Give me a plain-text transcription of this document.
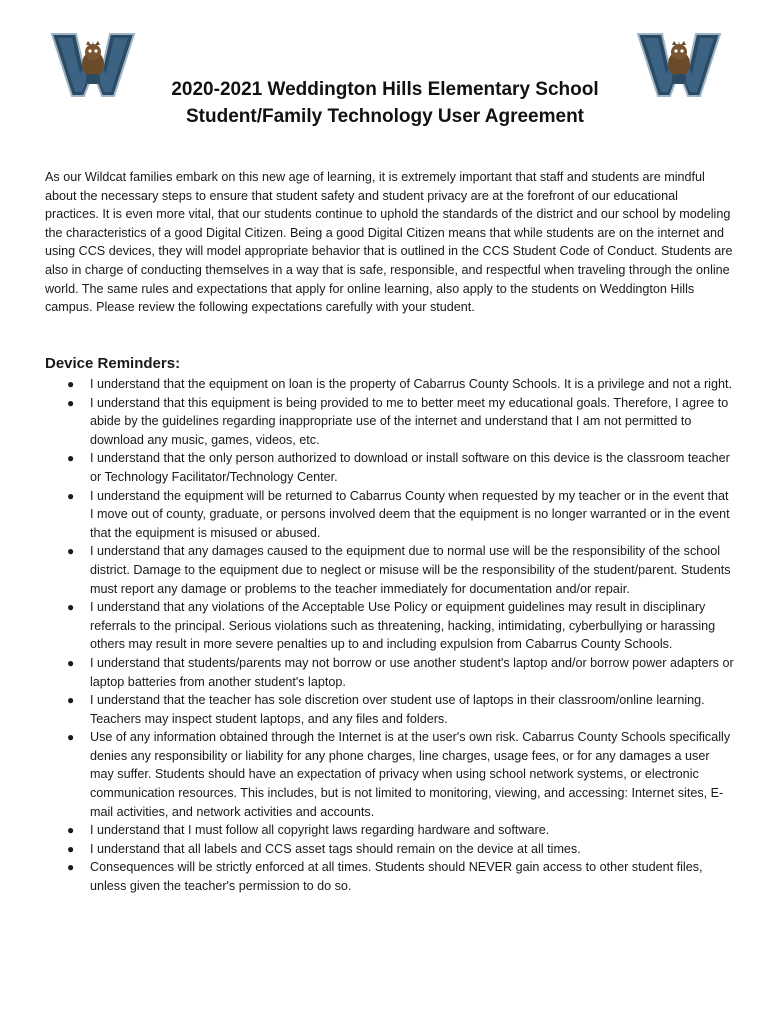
2020-2021 Weddington Hills Elementary School
Student/Family Technology User Agreement

As our Wildcat families embark on this new age of learning, it is extremely important that staff and students are mindful about the necessary steps to ensure that student safety and student privacy are at the forefront of our educational practices. It is even more vital, that our students continue to uphold the standards of the district and our school by modeling the characteristics of a good Digital Citizen. Being a good Digital Citizen means that while students are on the internet and using CCS devices, they will model appropriate behavior that is outlined in the CCS Student Code of Conduct. Students are also in charge of conducting themselves in a way that is safe, responsible, and respectful when traveling through the online world. The same rules and expectations that apply for online learning, also apply to the students on Weddington Hills campus. Please review the following expectations carefully with your student.

Device Reminders:
● I understand that the equipment on loan is the property of Cabarrus County Schools. It is a privilege and not a right.
● I understand that this equipment is being provided to me to better meet my educational goals. Therefore, I agree to abide by the guidelines regarding inappropriate use of the internet and understand that I am not permitted to download any music, games, videos, etc.
● I understand that the only person authorized to download or install software on this device is the classroom teacher or Technology Facilitator/Technology Center.
● I understand the equipment will be returned to Cabarrus County when requested by my teacher or in the event that I move out of county, graduate, or persons involved deem that the equipment is no longer warranted or in the event that the equipment is misused or abused.
● I understand that any damages caused to the equipment due to normal use will be the responsibility of the school district. Damage to the equipment due to neglect or misuse will be the responsibility of the student/parent. Students must report any damage or problems to the teacher immediately for documentation and/or repair.
● I understand that any violations of the Acceptable Use Policy or equipment guidelines may result in disciplinary referrals to the principal. Serious violations such as threatening, hacking, intimidating, cyberbullying or harassing others may result in more severe penalties up to and including expulsion from Cabarrus County Schools.
● I understand that students/parents may not borrow or use another student's laptop and/or borrow power adapters or laptop batteries from another student's laptop.
● I understand that the teacher has sole discretion over student use of laptops in their classroom/online learning. Teachers may inspect student laptops, and any files and folders.
● Use of any information obtained through the Internet is at the user's own risk. Cabarrus County Schools specifically denies any responsibility or liability for any phone charges, line charges, usage fees, or for any damages a user may suffer. Students should have an expectation of privacy when using school network systems, or electronic communication resources. This includes, but is not limited to monitoring, viewing, and accessing: Internet sites, E-mail activities, and network activities and accounts.
● I understand that I must follow all copyright laws regarding hardware and software.
● I understand that all labels and CCS asset tags should remain on the device at all times.
● Consequences will be strictly enforced at all times. Students should NEVER gain access to other student files, unless given the teacher's permission to do so.
